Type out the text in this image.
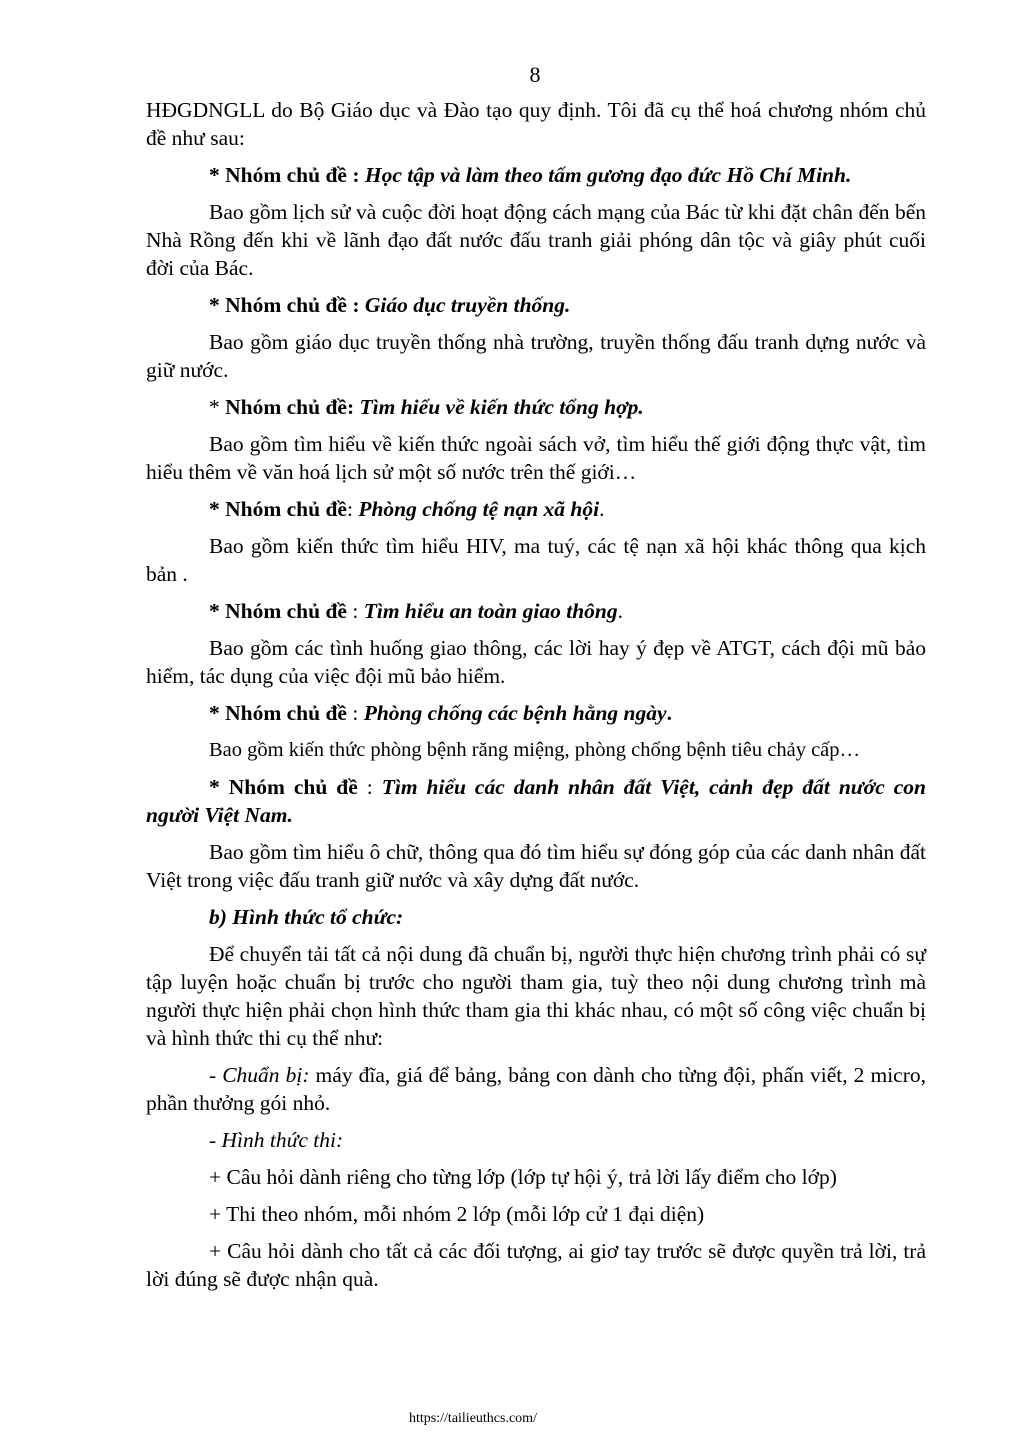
8

HĐGDNGLL do Bộ Giáo dục và Đào tạo quy định. Tôi đã cụ thể hoá chương nhóm chủ đề như sau:

* Nhóm chủ đề : Học tập và làm theo tấm gương đạo đức Hồ Chí Minh.

Bao gồm lịch sử và cuộc đời hoạt động cách mạng của Bác từ khi đặt chân đến bến Nhà Rồng đến khi về lãnh đạo đất nước đấu tranh giải phóng dân tộc và giây phút cuối đời của Bác.

* Nhóm chủ đề : Giáo dục truyền thống.

Bao gồm giáo dục truyền thống nhà trường, truyền thống đấu tranh dựng nước và giữ nước.

* Nhóm chủ đề: Tìm hiểu về kiến thức tổng hợp.

Bao gồm tìm hiểu về kiến thức ngoài sách vở, tìm hiểu thế giới động thực vật, tìm hiểu thêm về văn hoá lịch sử một số nước trên thế giới…

* Nhóm chủ đề: Phòng chống tệ nạn xã hội.

Bao gồm kiến thức tìm hiểu HIV, ma tuý, các tệ nạn xã hội khác thông qua kịch bản .

* Nhóm chủ đề : Tìm hiểu an toàn giao thông.

Bao gồm các tình huống giao thông, các lời hay ý đẹp về ATGT, cách đội mũ bảo hiểm, tác dụng của việc đội mũ bảo hiểm.

* Nhóm chủ đề : Phòng chống các bệnh hằng ngày.

Bao gồm kiến thức phòng bệnh răng miệng, phòng chống bệnh tiêu chảy cấp…

* Nhóm chủ đề : Tìm hiểu các danh nhân đất Việt, cảnh đẹp đất nước con người Việt Nam.

Bao gồm tìm hiểu ô chữ, thông qua đó tìm hiểu sự đóng góp của các danh nhân đất Việt trong việc đấu tranh giữ nước và xây dựng đất nước.

b) Hình thức tổ chức:

Để chuyển tải tất cả nội dung đã chuẩn bị, người thực hiện chương trình phải có sự tập luyện hoặc chuẩn bị trước cho người tham gia, tuỳ theo nội dung chương trình mà người thực hiện phải chọn hình thức tham gia thi khác nhau, có một số công việc chuẩn bị và hình thức thi cụ thể như:

- Chuẩn bị: máy đĩa, giá để bảng, bảng con dành cho từng đội, phấn viết, 2 micro, phần thưởng gói nhỏ.

- Hình thức thi:

+ Câu hỏi dành riêng cho từng lớp (lớp tự hội ý, trả lời lấy điểm cho lớp)

+ Thi theo nhóm, mỗi nhóm 2 lớp (mỗi lớp cử 1 đại diện)

+ Câu hỏi dành cho tất cả các đối tượng, ai giơ tay trước sẽ được quyền trả lời, trả lời đúng sẽ được nhận quà.

https://tailieuthcs.com/
